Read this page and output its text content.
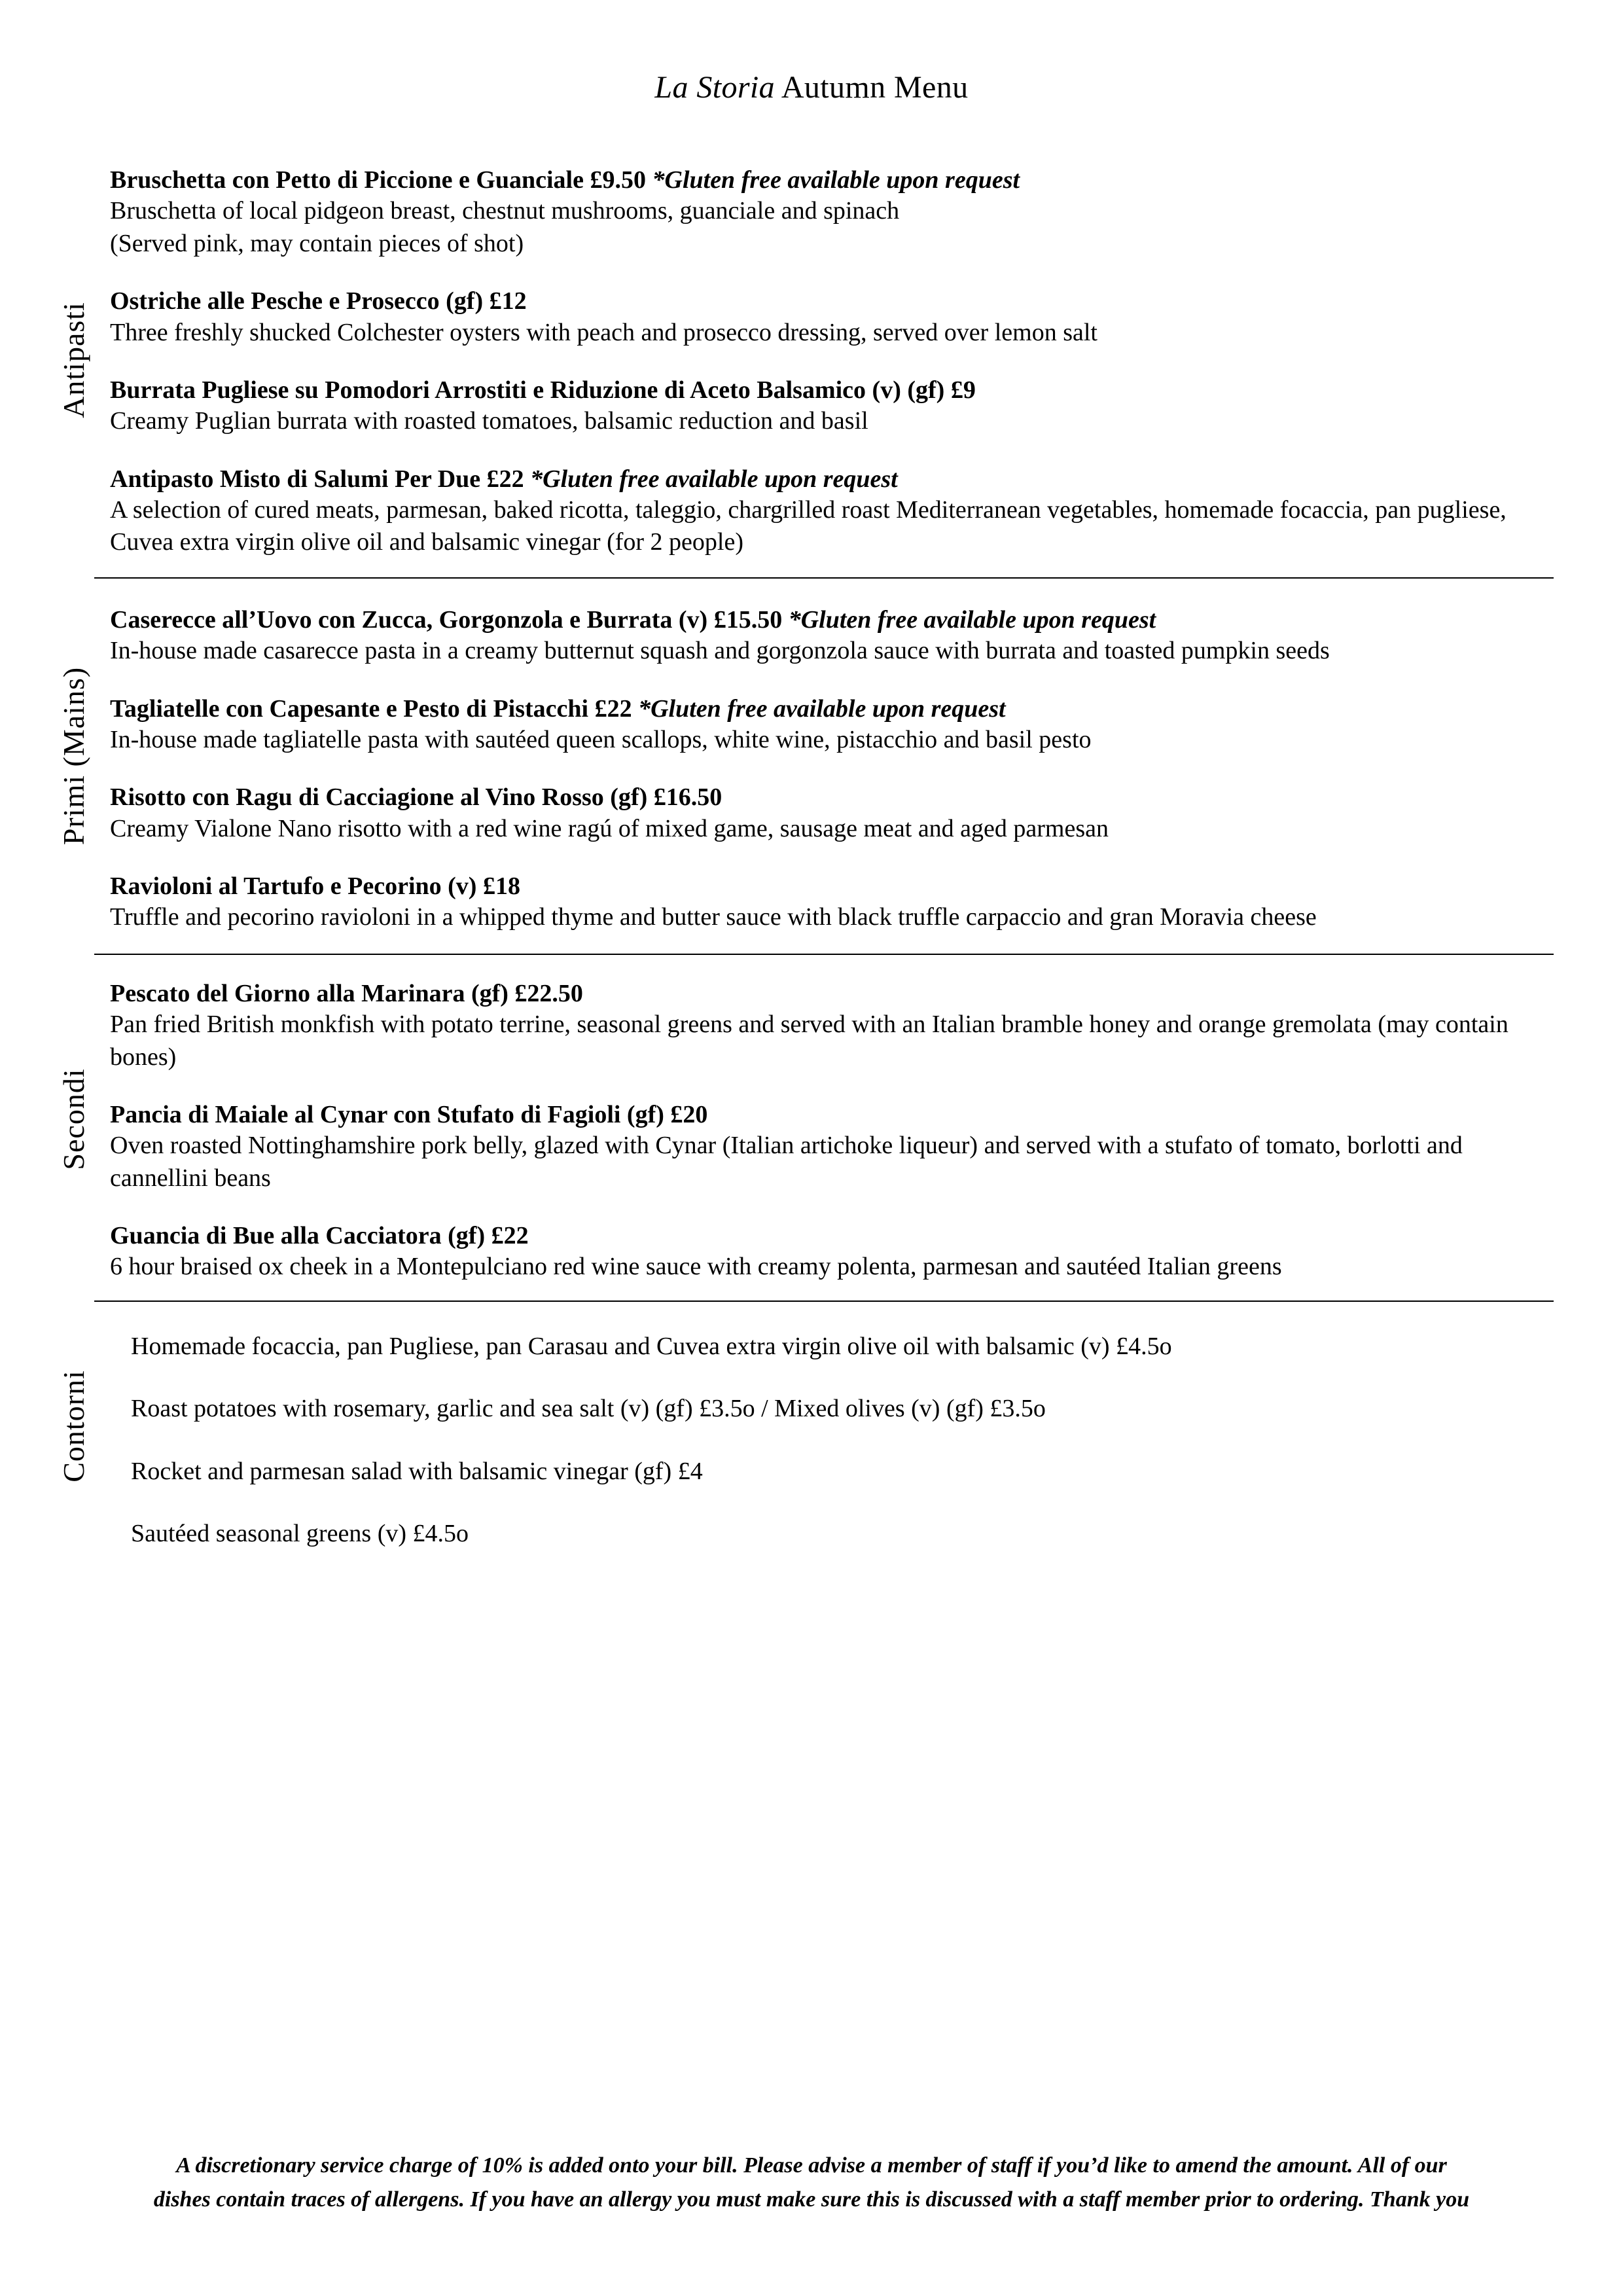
La Storia Autumn Menu
Antipasti
Bruschetta con Petto di Piccione e Guanciale £9.50 *Gluten free available upon request
Bruschetta of local pidgeon breast, chestnut mushrooms, guanciale and spinach
(Served pink, may contain pieces of shot)
Ostriche alle Pesche e Prosecco (gf) £12
Three freshly shucked Colchester oysters with peach and prosecco dressing, served over lemon salt
Burrata Pugliese su Pomodori Arrostiti e Riduzione di Aceto Balsamico (v) (gf) £9
Creamy Puglian burrata with roasted tomatoes, balsamic reduction and basil
Antipasto Misto di Salumi Per Due £22 *Gluten free available upon request
A selection of cured meats, parmesan, baked ricotta, taleggio, chargrilled roast Mediterranean vegetables, homemade focaccia, pan pugliese, Cuvea extra virgin olive oil and balsamic vinegar (for 2 people)
Primi (Mains)
Caserecce all’Uovo con Zucca, Gorgonzola e Burrata (v) £15.50 *Gluten free available upon request
In-house made casarecce pasta in a creamy butternut squash and gorgonzola sauce with burrata and toasted pumpkin seeds
Tagliatelle con Capesante e Pesto di Pistacchi £22 *Gluten free available upon request
In-house made tagliatelle pasta with sautéed queen scallops, white wine, pistacchio and basil pesto
Risotto con Ragu di Cacciagione al Vino Rosso (gf) £16.50
Creamy Vialone Nano risotto with a red wine ragú of mixed game, sausage meat and aged parmesan
Ravioloni al Tartufo e Pecorino (v) £18
Truffle and pecorino ravioloni in a whipped thyme and butter sauce with black truffle carpaccio and gran Moravia cheese
Secondi
Pescato del Giorno alla Marinara (gf) £22.50
Pan fried British monkfish with potato terrine, seasonal greens and served with an Italian bramble honey and orange gremolata (may contain bones)
Pancia di Maiale al Cynar con Stufato di Fagioli (gf) £20
Oven roasted Nottinghamshire pork belly, glazed with Cynar (Italian artichoke liqueur) and served with a stufato of tomato, borlotti and cannellini beans
Guancia di Bue alla Cacciatora (gf) £22
6 hour braised ox cheek in a Montepulciano red wine sauce with creamy polenta, parmesan and sautéed Italian greens
Contorni
Homemade focaccia, pan Pugliese, pan Carasau and Cuvea extra virgin olive oil with balsamic (v) £4.5o
Roast potatoes with rosemary, garlic and sea salt (v) (gf) £3.5o / Mixed olives (v) (gf) £3.5o
Rocket and parmesan salad with balsamic vinegar (gf) £4
Sautéed seasonal greens (v) £4.5o
A discretionary service charge of 10% is added onto your bill. Please advise a member of staff if you’d like to amend the amount. All of our dishes contain traces of allergens. If you have an allergy you must make sure this is discussed with a staff member prior to ordering. Thank you
